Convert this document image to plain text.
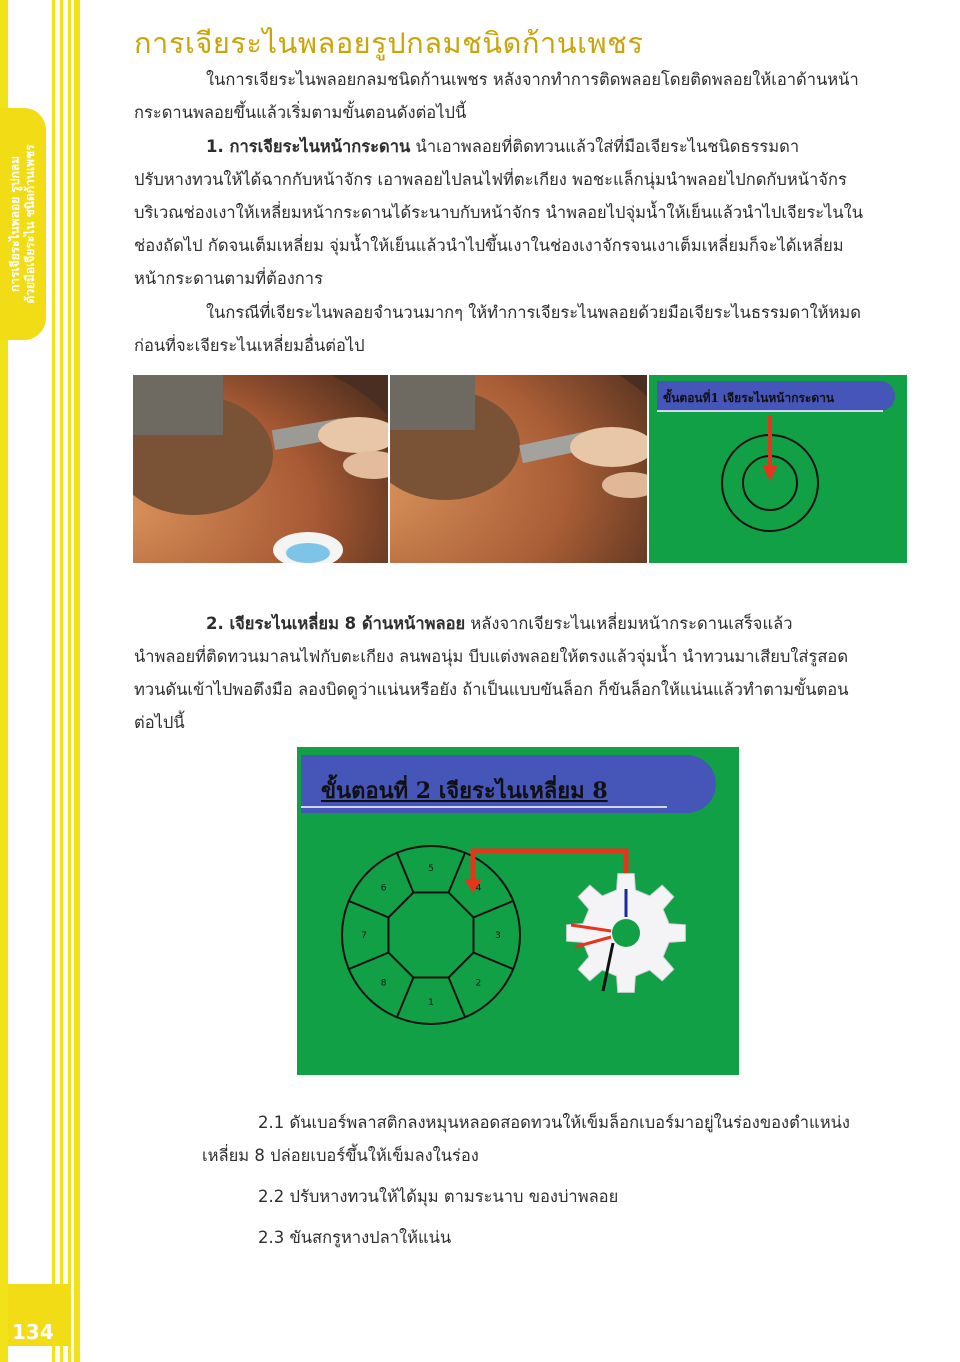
การเจียระไนพลอย รูปกลม ด้วยมือเจียระไน ชนิดก้านเพชร
134
การเจียระไนพลอยรูปกลมชนิดก้านเพชร

ในการเจียระไนพลอยกลมชนิดก้านเพชร หลังจากทำการติดพลอยโดยติดพลอยให้เอาด้านหน้า

กระดานพลอยขึ้นแล้วเริ่มตามขั้นตอนดังต่อไปนี้

1. การเจียระไนหน้ากระดาน นำเอาพลอยที่ติดทวนแล้วใส่ที่มือเจียระไนชนิดธรรมดา

ปรับหางทวนให้ได้ฉากกับหน้าจักร เอาพลอยไปลนไฟที่ตะเกียง พอชะแล็กนุ่มนำพลอยไปกดกับหน้าจักร

บริเวณช่องเงาให้เหลี่ยมหน้ากระดานได้ระนาบกับหน้าจักร นำพลอยไปจุ่มน้ำให้เย็นแล้วนำไปเจียระไนใน

ช่องถัดไป กัดจนเต็มเหลี่ยม จุ่มน้ำให้เย็นแล้วนำไปขึ้นเงาในช่องเงาจักรจนเงาเต็มเหลี่ยมก็จะได้เหลี่ยม

หน้ากระดานตามที่ต้องการ

ในกรณีที่เจียระไนพลอยจำนวนมากๆ ให้ทำการเจียระไนพลอยด้วยมือเจียระไนธรรมดาให้หมด

ก่อนที่จะเจียระไนเหลี่ยมอื่นต่อไป

ขั้นตอนที่1 เจียระไนหน้ากระดาน

2. เจียระไนเหลี่ยม 8 ด้านหน้าพลอย หลังจากเจียระไนเหลี่ยมหน้ากระดานเสร็จแล้ว

นำพลอยที่ติดทวนมาลนไฟกับตะเกียง ลนพอนุ่ม บีบแต่งพลอยให้ตรงแล้วจุ่มน้ำ นำทวนมาเสียบใส่รูสอด

ทวนดันเข้าไปพอตึงมือ ลองบิดดูว่าแน่นหรือยัง ถ้าเป็นแบบขันล็อก ก็ขันล็อกให้แน่นแล้วทำตามขั้นตอน

ต่อไปนี้

ขั้นตอนที่ 2 เจียระไนเหลี่ยม 8
1
2
3
4
5
6
7
8

2.1 ดันเบอร์พลาสติกลงหมุนหลอดสอดทวนให้เข็มล็อกเบอร์มาอยู่ในร่องของตำแหน่ง

เหลี่ยม 8 ปล่อยเบอร์ขึ้นให้เข็มลงในร่อง

2.2 ปรับหางทวนให้ได้มุม ตามระนาบ ของบ่าพลอย

2.3 ขันสกรูหางปลาให้แน่น
